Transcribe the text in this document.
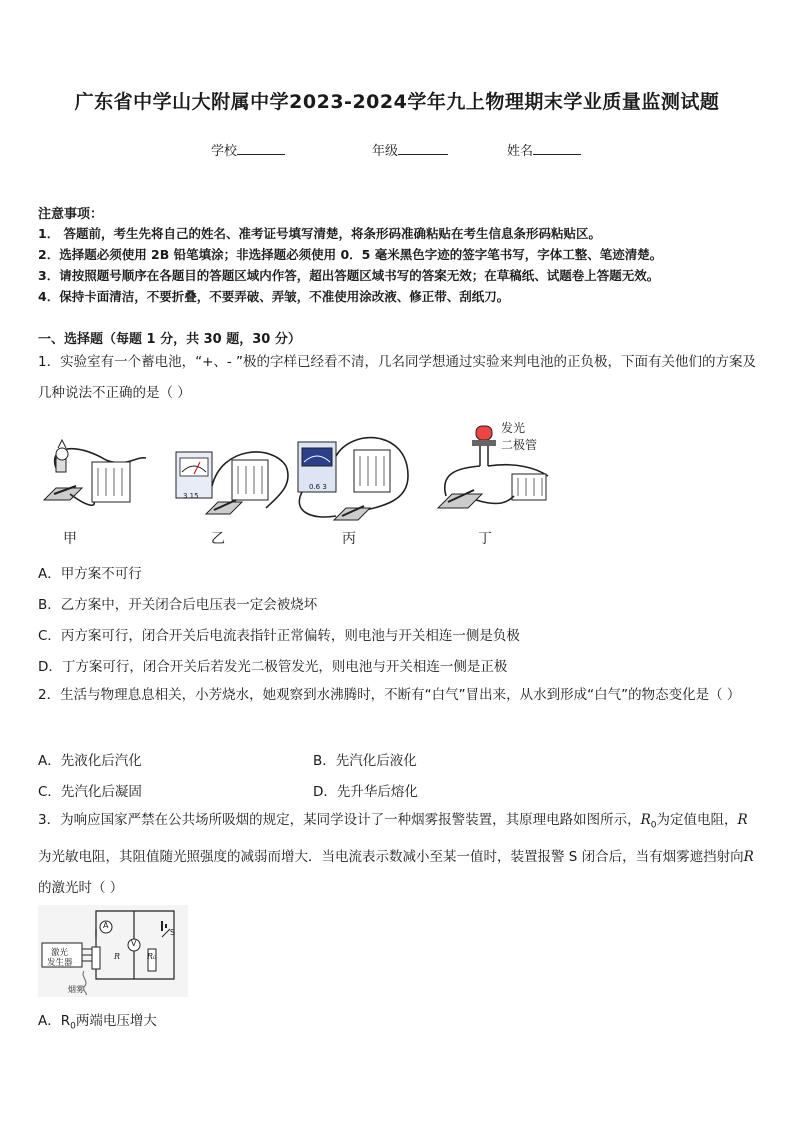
广东省中学山大附属中学2023-2024学年九上物理期末学业质量监测试题
学校	年级	姓名
注意事项：
1． 答题前，考生先将自己的姓名、准考证号填写清楚，将条形码准确粘贴在考生信息条形码粘贴区。
2．选择题必须使用 2B 铅笔填涂；非选择题必须使用 0．5 毫米黑色字迹的签字笔书写，字体工整、笔迹清楚。
3．请按照题号顺序在各题目的答题区域内作答，超出答题区域书写的答案无效；在草稿纸、试题卷上答题无效。
4．保持卡面清洁，不要折叠，不要弄破、弄皱，不准使用涂改液、修正带、刮纸刀。
一、选择题（每题 1 分，共 30 题，30 分）
1．实验室有一个蓄电池，“+、- ”极的字样已经看不清，几名同学想通过实验来判电池的正负极，下面有关他们的方案及几种说法不正确的是（ ）
3 15
0.6 3
发光
二极管
甲	乙	丙	丁
A．甲方案不可行
B．乙方案中，开关闭合后电压表一定会被烧坏
C．丙方案可行，闭合开关后电流表指针正常偏转，则电池与开关相连一侧是负极
D．丁方案可行，闭合开关后若发光二极管发光，则电池与开关相连一侧是正极
2．生活与物理息息相关，小芳烧水，她观察到水沸腾时，不断有“白气”冒出来，从水到形成“白气”的物态变化是（ ）
A．先液化后汽化	B．先汽化后液化
C．先汽化后凝固	D．先升华后熔化
3．为响应国家严禁在公共场所吸烟的规定，某同学设计了一种烟雾报警装置，其原理电路如图所示，$R_0$为定值电阻，R为光敏电阻，其阻值随光照强度的减弱而增大．当电流表示数减小至某一值时，装置报警 S 闭合后，当有烟雾遮挡射向R的激光时（ ）
激光
发生器
烟雾
A
V
R	R₀
S
A．$R_0$两端电压增大
